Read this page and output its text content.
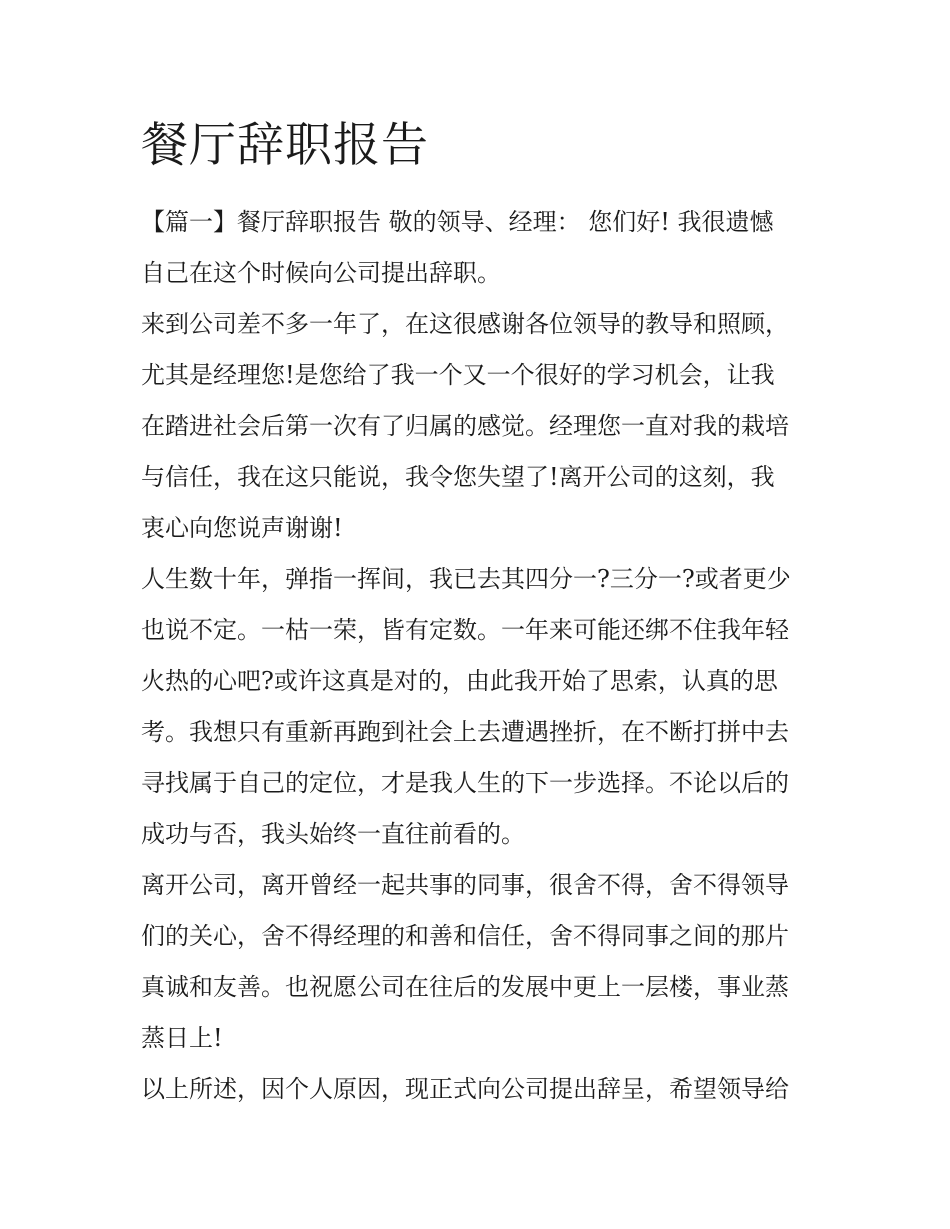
餐厅辞职报告
【篇一】餐厅辞职报告 敬的领导、经理： 您们好! 我很遗憾
自己在这个时候向公司提出辞职。
来到公司差不多一年了，在这很感谢各位领导的教导和照顾，
尤其是经理您!是您给了我一个又一个很好的学习机会，让我
在踏进社会后第一次有了归属的感觉。经理您一直对我的栽培
与信任，我在这只能说，我令您失望了!离开公司的这刻，我
衷心向您说声谢谢!
人生数十年，弹指一挥间，我已去其四分一?三分一?或者更少
也说不定。一枯一荣，皆有定数。一年来可能还绑不住我年轻
火热的心吧?或许这真是对的，由此我开始了思索，认真的思
考。我想只有重新再跑到社会上去遭遇挫折，在不断打拼中去
寻找属于自己的定位，才是我人生的下一步选择。不论以后的
成功与否，我头始终一直往前看的。
离开公司，离开曾经一起共事的同事，很舍不得，舍不得领导
们的关心，舍不得经理的和善和信任，舍不得同事之间的那片
真诚和友善。也祝愿公司在往后的发展中更上一层楼，事业蒸
蒸日上!
以上所述，因个人原因，现正式向公司提出辞呈，希望领导给
